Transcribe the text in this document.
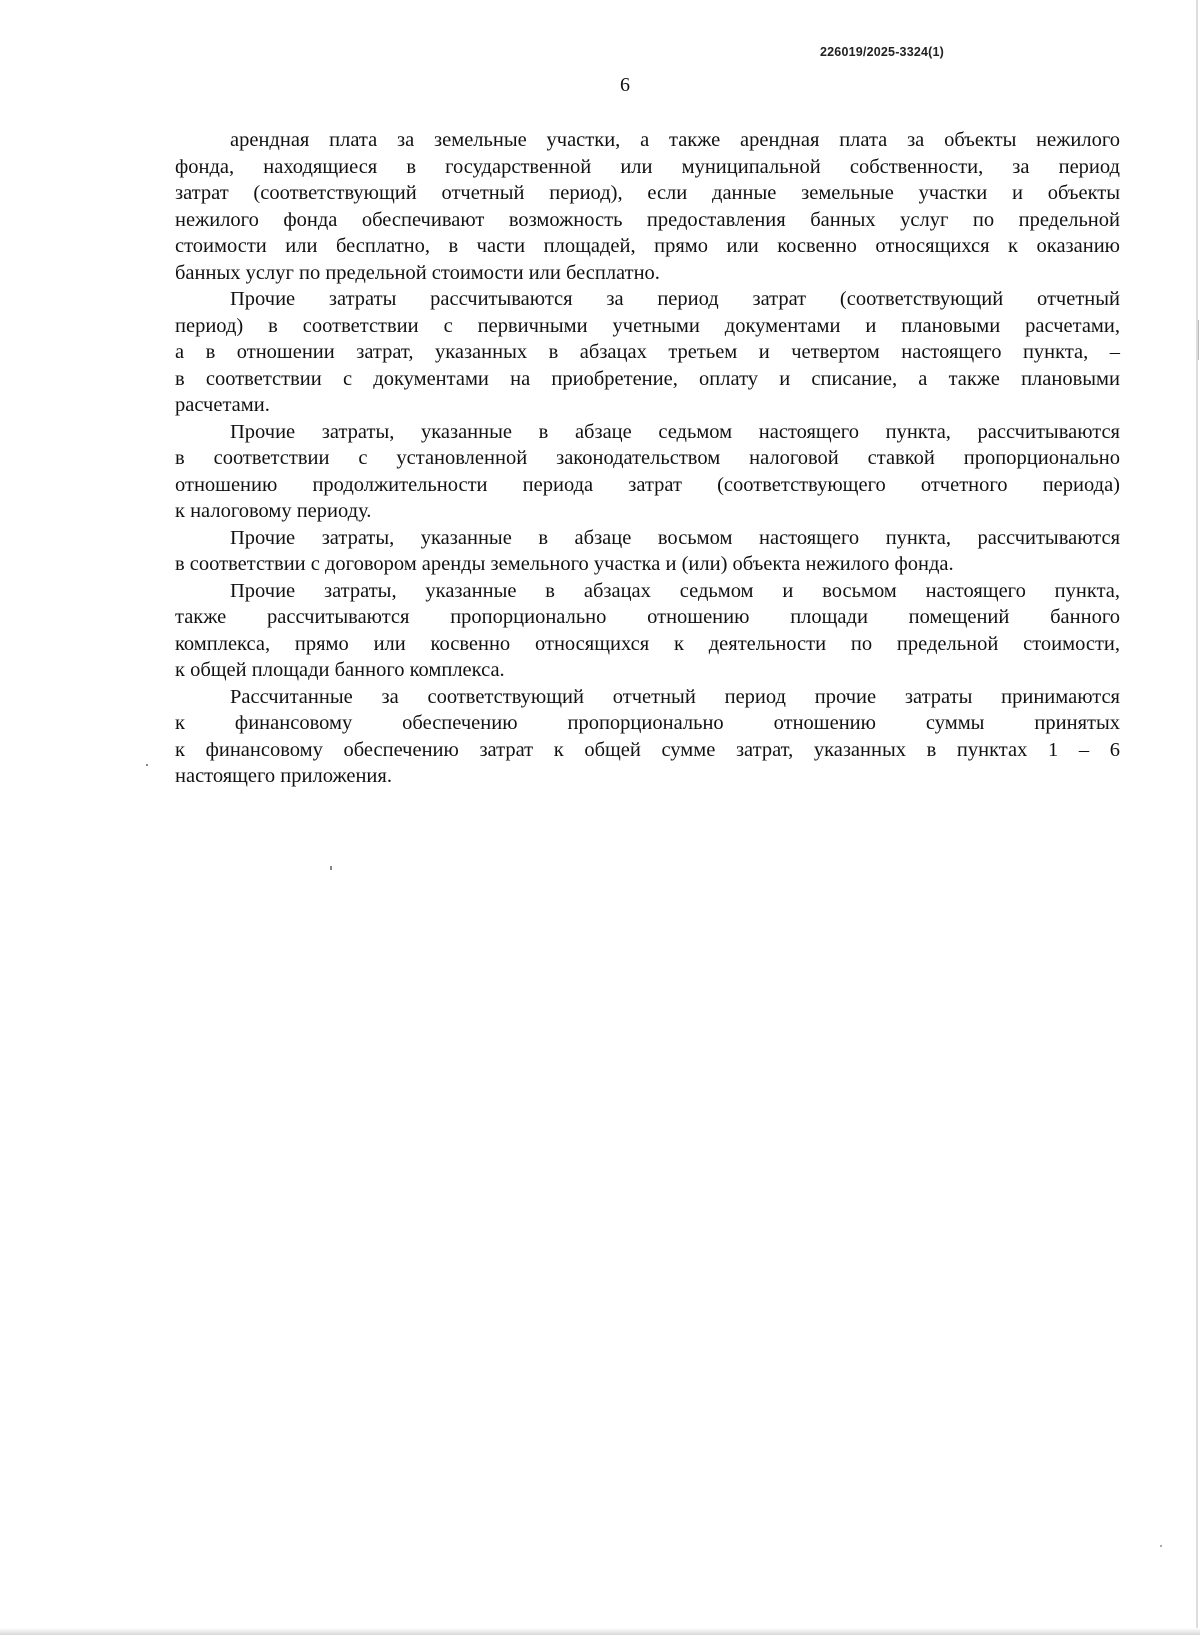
226019/2025-3324(1)
6
арендная плата за земельные участки, а также арендная плата за объекты нежилого
фонда, находящиеся в государственной или муниципальной собственности, за период
затрат (соответствующий отчетный период), если данные земельные участки и объекты
нежилого фонда обеспечивают возможность предоставления банных услуг по предельной
стоимости или бесплатно, в части площадей, прямо или косвенно относящихся к оказанию
банных услуг по предельной стоимости или бесплатно.
Прочие затраты рассчитываются за период затрат (соответствующий отчетный
период) в соответствии с первичными учетными документами и плановыми расчетами,
а в отношении затрат, указанных в абзацах третьем и четвертом настоящего пункта, –
в соответствии с документами на приобретение, оплату и списание, а также плановыми
расчетами.
Прочие затраты, указанные в абзаце седьмом настоящего пункта, рассчитываются
в соответствии с установленной законодательством налоговой ставкой пропорционально
отношению продолжительности периода затрат (соответствующего отчетного периода)
к налоговому периоду.
Прочие затраты, указанные в абзаце восьмом настоящего пункта, рассчитываются
в соответствии с договором аренды земельного участка и (или) объекта нежилого фонда.
Прочие затраты, указанные в абзацах седьмом и восьмом настоящего пункта,
также рассчитываются пропорционально отношению площади помещений банного
комплекса, прямо или косвенно относящихся к деятельности по предельной стоимости,
к общей площади банного комплекса.
Рассчитанные за соответствующий отчетный период прочие затраты принимаются
к финансовому обеспечению пропорционально отношению суммы принятых
к финансовому обеспечению затрат к общей сумме затрат, указанных в пунктах 1 – 6
настоящего приложения.
